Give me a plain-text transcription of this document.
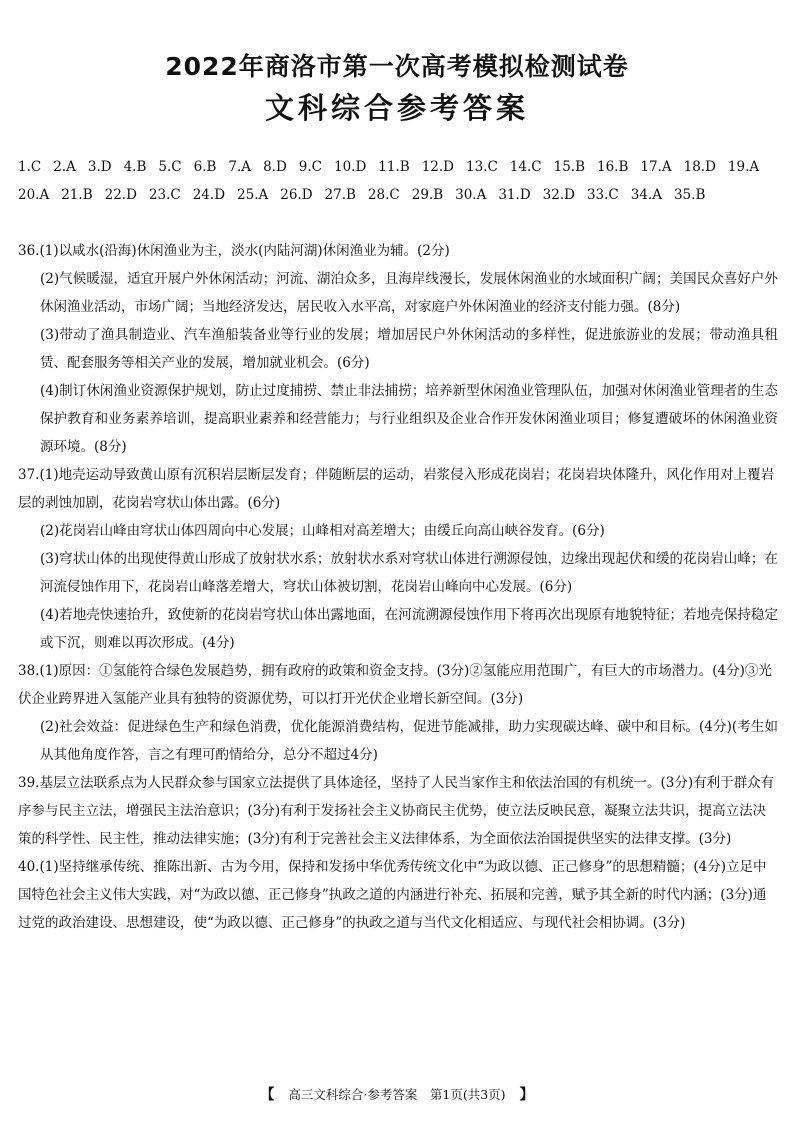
2022年商洛市第一次高考模拟检测试卷
文科综合参考答案
1.C 2.A 3.D 4.B 5.C 6.B 7.A 8.D 9.C 10.D 11.B 12.D 13.C 14.C 15.B 16.B 17.A 18.D 19.A20.A 21.B 22.D 23.C 24.D 25.A 26.D 27.B 28.C 29.B 30.A 31.D 32.D 33.C 34.A 35.B

36.(1)以咸水(沿海)休闲渔业为主，淡水(内陆河湖)休闲渔业为辅。(2分)

(2)气候暖湿，适宜开展户外休闲活动；河流、湖泊众多，且海岸线漫长，发展休闲渔业的水域面积广阔；美国民众喜好户外休闲渔业活动，市场广阔；当地经济发达，居民收入水平高，对家庭户外休闲渔业的经济支付能力强。(8分)

(3)带动了渔具制造业、汽车渔船装备业等行业的发展；增加居民户外休闲活动的多样性，促进旅游业的发展；带动渔具租赁、配套服务等相关产业的发展，增加就业机会。(6分)

(4)制订休闲渔业资源保护规划，防止过度捕捞、禁止非法捕捞；培养新型休闲渔业管理队伍，加强对休闲渔业管理者的生态保护教育和业务素养培训，提高职业素养和经营能力；与行业组织及企业合作开发休闲渔业项目；修复遭破坏的休闲渔业资源环境。(8分)

37.(1)地壳运动导致黄山原有沉积岩层断层发育；伴随断层的运动，岩浆侵入形成花岗岩；花岗岩块体隆升，风化作用对上覆岩层的剥蚀加剧，花岗岩穹状山体出露。(6分)

(2)花岗岩山峰由穹状山体四周向中心发展；山峰相对高差增大；由缓丘向高山峡谷发育。(6分)

(3)穹状山体的出现使得黄山形成了放射状水系；放射状水系对穹状山体进行溯源侵蚀，边缘出现起伏和缓的花岗岩山峰；在河流侵蚀作用下，花岗岩山峰落差增大，穹状山体被切割，花岗岩山峰向中心发展。(6分)

(4)若地壳快速抬升，致使新的花岗岩穹状山体出露地面，在河流溯源侵蚀作用下将再次出现原有地貌特征；若地壳保持稳定或下沉，则难以再次形成。(4分)

38.(1)原因：①氢能符合绿色发展趋势，拥有政府的政策和资金支持。(3分)②氢能应用范围广，有巨大的市场潜力。(4分)③光伏企业跨界进入氢能产业具有独特的资源优势，可以打开光伏企业增长新空间。(3分)

(2)社会效益：促进绿色生产和绿色消费，优化能源消费结构，促进节能减排，助力实现碳达峰、碳中和目标。(4分)(考生如从其他角度作答，言之有理可酌情给分，总分不超过4分)

39.基层立法联系点为人民群众参与国家立法提供了具体途径，坚持了人民当家作主和依法治国的有机统一。(3分)有利于群众有序参与民主立法，增强民主法治意识；(3分)有利于发扬社会主义协商民主优势，使立法反映民意，凝聚立法共识，提高立法决策的科学性、民主性，推动法律实施；(3分)有利于完善社会主义法律体系，为全面依法治国提供坚实的法律支撑。(3分)

40.(1)坚持继承传统、推陈出新、古为今用，保持和发扬中华优秀传统文化中“为政以德、正己修身”的思想精髓；(4分)立足中国特色社会主义伟大实践，对“为政以德、正己修身”执政之道的内涵进行补充、拓展和完善，赋予其全新的时代内涵；(3分)通过党的政治建设、思想建设，使“为政以德、正己修身”的执政之道与当代文化相适应、与现代社会相协调。(3分)

【 高三文科综合·参考答案　第1页(共3页) 】
